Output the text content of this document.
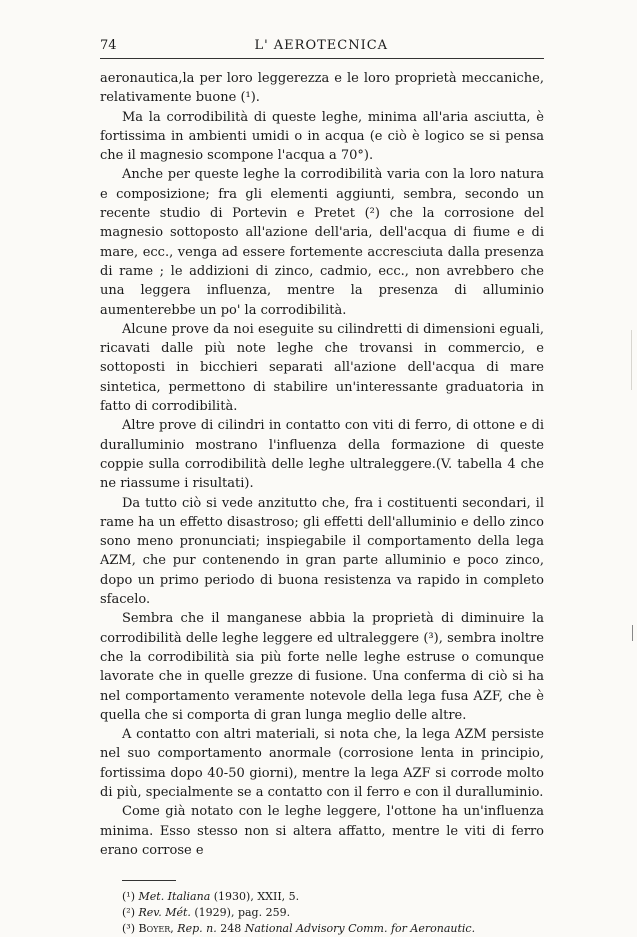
74	L' AEROTECNICA

aeronautica,la per loro leggerezza e le loro proprietà meccaniche, relativamente buone (¹).

Ma la corrodibilità di queste leghe, minima all'aria asciutta, è fortissima in ambienti umidi o in acqua (e ciò è logico se si pensa che il magnesio scompone l'acqua a 70°).

Anche per queste leghe la corrodibilità varia con la loro natura e composizione; fra gli elementi aggiunti, sembra, secondo un recente studio di Portevin e Pretet (²) che la corrosione del magnesio sottoposto all'azione dell'aria, dell'acqua di fiume e di mare, ecc., venga ad essere fortemente accresciuta dalla presenza di rame ; le addizioni di zinco, cadmio, ecc., non avrebbero che una leggera influenza, mentre la presenza di alluminio aumenterebbe un po' la corrodibilità.

Alcune prove da noi eseguite su cilindretti di dimensioni eguali, ricavati dalle più note leghe che trovansi in commercio, e sottoposti in bicchieri separati all'azione dell'acqua di mare sintetica, permettono di stabilire un'interessante graduatoria in fatto di corrodibilità.

Altre prove di cilindri in contatto con viti di ferro, di ottone e di duralluminio mostrano l'influenza della formazione di queste coppie sulla corrodibilità delle leghe ultraleggere.(V. tabella 4 che ne riassume i risultati).

Da tutto ciò si vede anzitutto che, fra i costituenti secondari, il rame ha un effetto disastroso; gli effetti dell'alluminio e dello zinco sono meno pronunciati; inspiegabile il comportamento della lega AZM, che pur contenendo in gran parte alluminio e poco zinco, dopo un primo periodo di buona resistenza va rapido in completo sfacelo.

Sembra che il manganese abbia la proprietà di diminuire la corrodibilità delle leghe leggere ed ultraleggere (³), sembra inoltre che la corrodibilità sia più forte nelle leghe estruse o comunque lavorate che in quelle grezze di fusione. Una conferma di ciò si ha nel comportamento veramente notevole della lega fusa AZF, che è quella che si comporta di gran lunga meglio delle altre.

A contatto con altri materiali, si nota che, la lega AZM persiste nel suo comportamento anormale (corrosione lenta in principio, fortissima dopo 40-50 giorni), mentre la lega AZF si corrode molto di più, specialmente se a contatto con il ferro e con il duralluminio.

Come già notato con le leghe leggere, l'ottone ha un'influenza minima. Esso stesso non si altera affatto, mentre le viti di ferro erano corrose e

(¹) Met. Italiana (1930), XXII, 5.
(²) Rev. Mét. (1929), pag. 259.
(³) Boyer, Rep. n. 248 National Advisory Comm. for Aeronautic.
